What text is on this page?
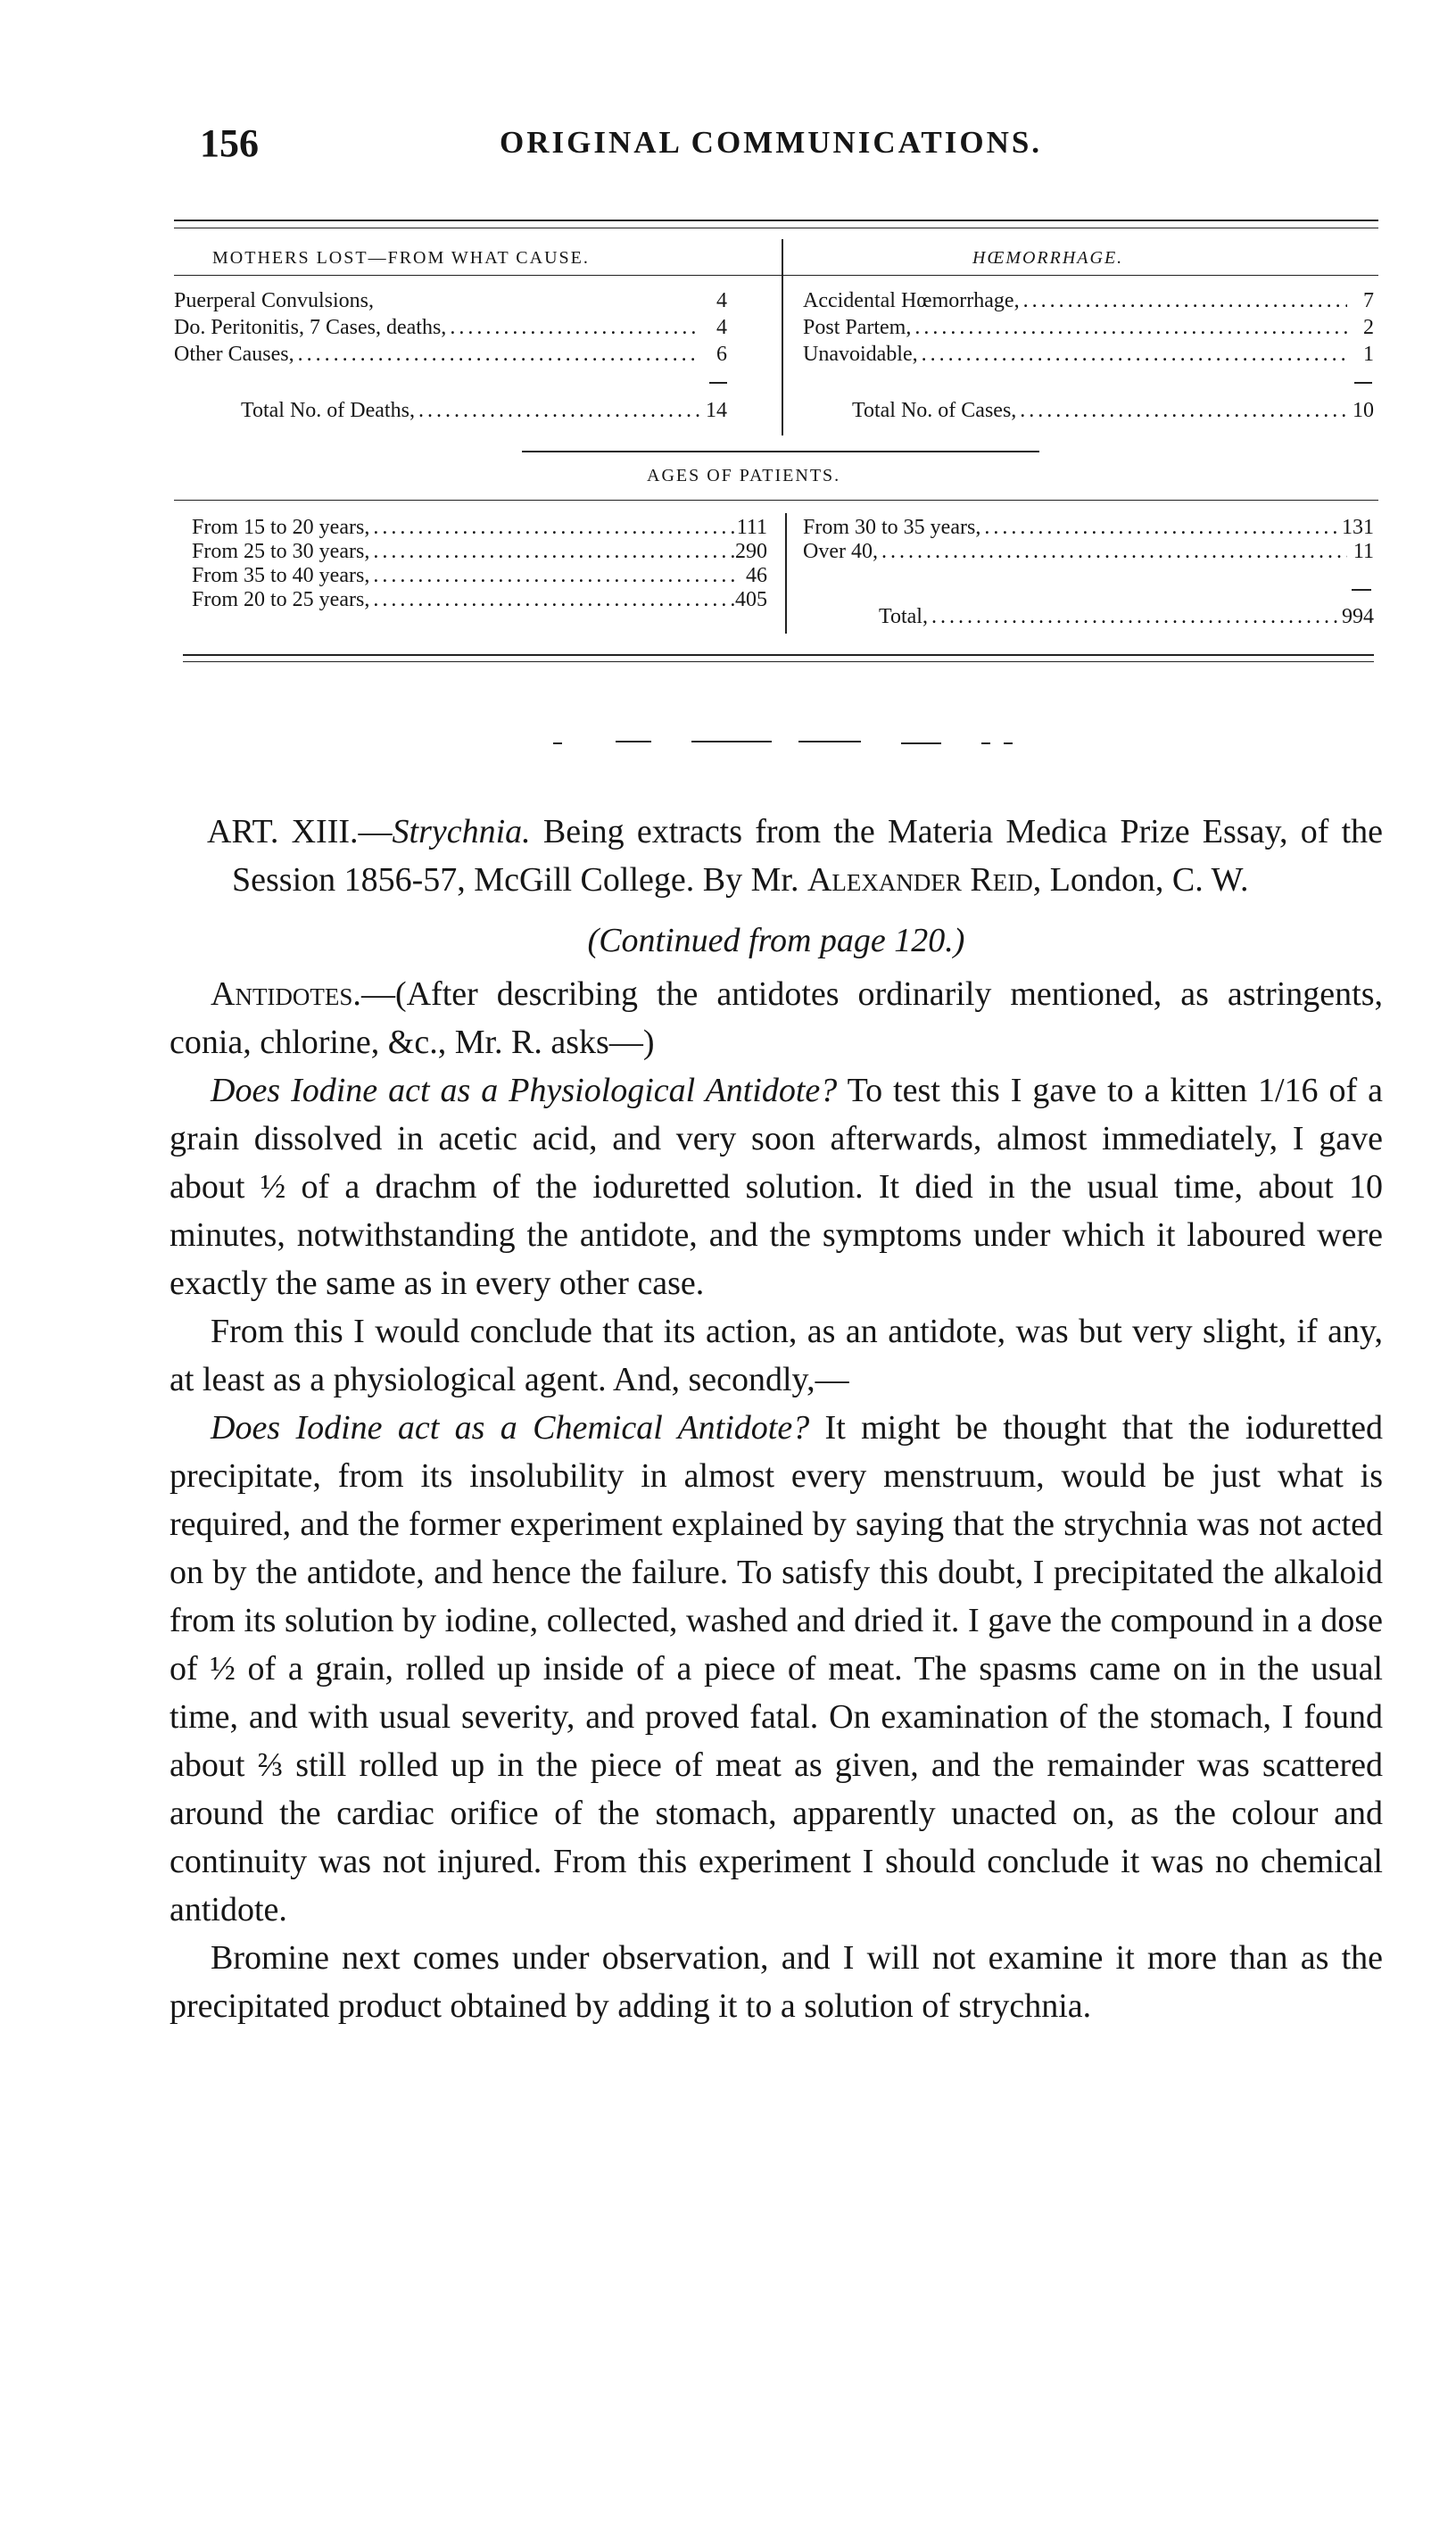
156	ORIGINAL COMMUNICATIONS.
MOTHERS LOST—FROM WHAT CAUSE.	HŒMORRHAGE.
Puerperal Convulsions,	4
Do. Peritonitis, 7 Cases, deaths, .....	4
Other Causes, .....	6
Total No. of Deaths, .....	14
Accidental Hœmorrhage, .....	7
Post Partem, .....	2
Unavoidable, .....	1
Total No. of Cases, .....	10
AGES OF PATIENTS.
From 15 to 20 years, .....	111
From 25 to 30 years, .....	290
From 35 to 40 years, .....	46
From 20 to 25 years, .....	405
From 30 to 35 years, .....	131
Over 40, .....	11
Total, .....	994

ART. XIII.—Strychnia. Being extracts from the Materia Medica Prize Essay, of the Session 1856-57, McGill College. By Mr. Alexander Reid, London, C. W.

(Continued from page 120.)

Antidotes.—(After describing the antidotes ordinarily mentioned, as astringents, conia, chlorine, &c., Mr. R. asks—)

Does Iodine act as a Physiological Antidote? To test this I gave to a kitten 1/16 of a grain dissolved in acetic acid, and very soon afterwards, almost immediately, I gave about ½ of a drachm of the ioduretted solution. It died in the usual time, about 10 minutes, notwithstanding the antidote, and the symptoms under which it laboured were exactly the same as in every other case.

From this I would conclude that its action, as an antidote, was but very slight, if any, at least as a physiological agent. And, secondly,—

Does Iodine act as a Chemical Antidote? It might be thought that the ioduretted precipitate, from its insolubility in almost every menstruum, would be just what is required, and the former experiment explained by saying that the strychnia was not acted on by the antidote, and hence the failure. To satisfy this doubt, I precipitated the alkaloid from its solution by iodine, collected, washed and dried it. I gave the compound in a dose of ½ of a grain, rolled up inside of a piece of meat. The spasms came on in the usual time, and with usual severity, and proved fatal. On examination of the stomach, I found about ⅔ still rolled up in the piece of meat as given, and the remainder was scattered around the cardiac orifice of the stomach, apparently unacted on, as the colour and continuity was not injured. From this experiment I should conclude it was no chemical antidote.

Bromine next comes under observation, and I will not examine it more than as the precipitated product obtained by adding it to a solution of strychnia.
